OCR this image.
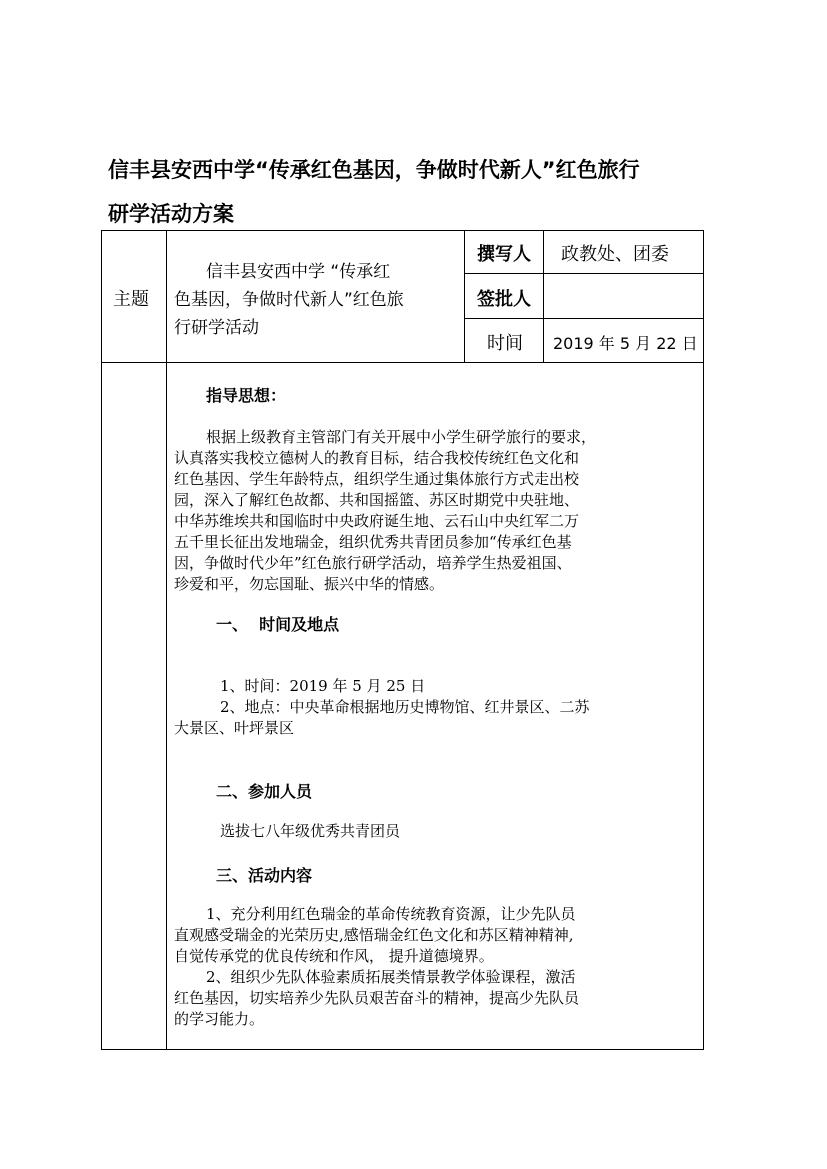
信丰县安西中学“传承红色基因，争做时代新人”红色旅行
研学活动方案
主题
信丰县安西中学 “传承红
色基因，争做时代新人”红色旅
行研学活动
撰写人 政教处、团委
签批人
时间 2019 年 5 月 22 日
指导思想：
根据上级教育主管部门有关开展中小学生研学旅行的要求，
认真落实我校立德树人的教育目标，结合我校传统红色文化和
红色基因、学生年龄特点，组织学生通过集体旅行方式走出校
园，深入了解红色故都、共和国摇篮、苏区时期党中央驻地、
中华苏维埃共和国临时中央政府诞生地、云石山中央红军二万
五千里长征出发地瑞金，组织优秀共青团员参加“传承红色基
因，争做时代少年”红色旅行研学活动，培养学生热爱祖国、
珍爱和平，勿忘国耻、振兴中华的情感。
一、  时间及地点
1、时间：2019 年 5 月 25 日
2、地点：中央革命根据地历史博物馆、红井景区、二苏
大景区、叶坪景区
二、参加人员
选拔七八年级优秀共青团员
三、活动内容
1、充分利用红色瑞金的革命传统教育资源，让少先队员
直观感受瑞金的光荣历史,感悟瑞金红色文化和苏区精神精神,
自觉传承党的优良传统和作风， 提升道德境界。
2、组织少先队体验素质拓展类情景教学体验课程，激活
红色基因，切实培养少先队员艰苦奋斗的精神，提高少先队员
的学习能力。
